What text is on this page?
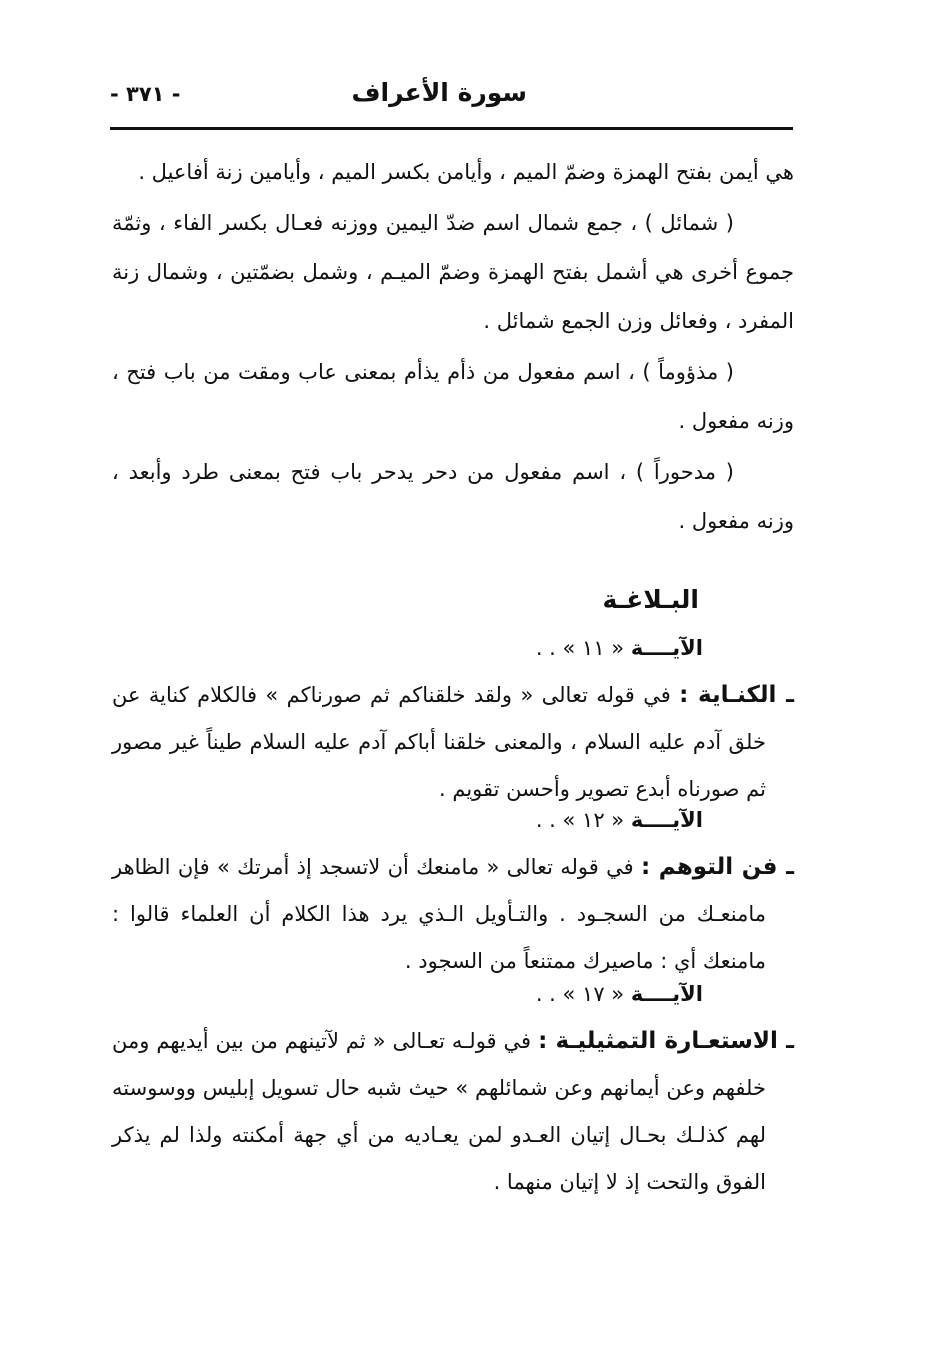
سورة الأعراف
- ٣٧١ -

هي أيمن بفتح الهمزة وضمّ الميم ، وأيامن بكسر الميم ، وأيامين زنة أفاعيل .

( شمائل ) ، جمع شمال اسم ضدّ اليمين ووزنه فعـال بكسر الفاء ، وثمّة جموع أخرى هي أشمل بفتح الهمزة وضمّ الميـم ، وشمل بضمّتين ، وشمال زنة المفرد ، وفعائل وزن الجمع شمائل .

( مذؤوماً ) ، اسم مفعول من ذأم يذأم بمعنى عاب ومقت من باب فتح ، وزنه مفعول .

( مدحوراً ) ، اسم مفعول من دحر يدحر باب فتح بمعنى طرد وأبعد ، وزنه مفعول .

البـلاغـة
الآيــــة « ١١ » . .
ـ الكنـاية : في قوله تعالى « ولقد خلقناكم ثم صورناكم » فالكلام كناية عن
خلق آدم عليه السلام ، والمعنى خلقنا أباكم آدم عليه السلام طيناً غير مصور ثم صورناه أبدع تصوير وأحسن تقويم .
الآيــــة « ١٢ » . .
ـ فن التوهم : في قوله تعالى « مامنعك أن لاتسجد إذ أمرتك » فإن الظاهر
مامنعـك من السجـود . والتـأويل الـذي يرد هذا الكلام أن العلماء قالوا : مامنعك أي : ماصيرك ممتنعاً من السجود .
الآيــــة « ١٧ » . .
ـ الاستعـارة التمثيليـة : في قولـه تعـالى « ثم لآتينهم من بين أيديهم ومن
خلفهم وعن أيمانهم وعن شمائلهم » حيث شبه حال تسويل إبليس ووسوسته لهم كذلـك بحـال إتيان العـدو لمن يعـاديه من أي جهة أمكنته ولذا لم يذكر الفوق والتحت إذ لا إتيان منهما .
